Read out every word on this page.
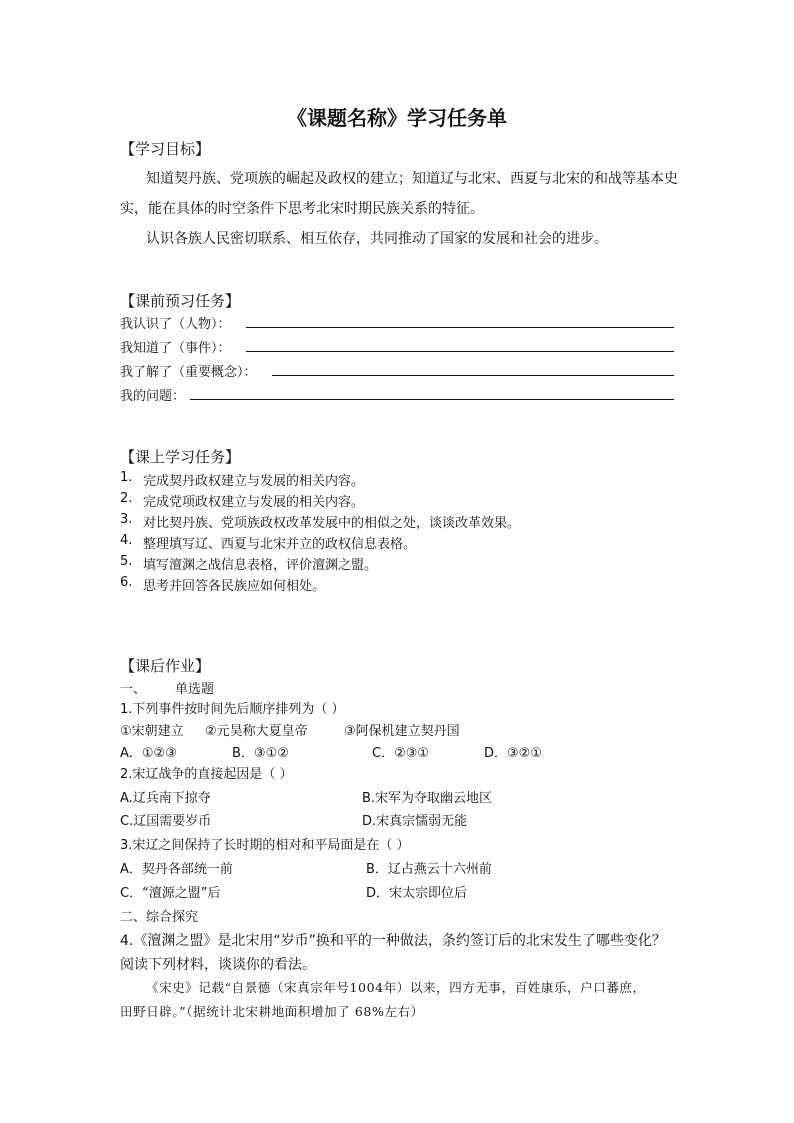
《课题名称》学习任务单
【学习目标】
知道契丹族、党项族的崛起及政权的建立；知道辽与北宋、西夏与北宋的和战等基本史
实，能在具体的时空条件下思考北宋时期民族关系的特征。
认识各族人民密切联系、相互依存，共同推动了国家的发展和社会的进步。
【课前预习任务】
我认识了（人物）：
我知道了（事件）：
我了解了（重要概念）：
我的问题：
【课上学习任务】
1. 完成契丹政权建立与发展的相关内容。
2. 完成党项政权建立与发展的相关内容。
3. 对比契丹族、党项族政权改革发展中的相似之处，谈谈改革效果。
4. 整理填写辽、西夏与北宋并立的政权信息表格。
5. 填写澶渊之战信息表格，评价澶渊之盟。
6. 思考并回答各民族应如何相处。
【课后作业】
一、 单选题
1.下列事件按时间先后顺序排列为（ ）
①宋朝建立 ②元昊称大夏皇帝	③阿保机建立契丹国
A．①②③	B．③①②	C．②③①	D．③②①
2.宋辽战争的直接起因是（ ）
A.辽兵南下掠夺	B.宋军为夺取幽云地区
C.辽国需要岁币	D.宋真宗懦弱无能
3.宋辽之间保持了长时期的相对和平局面是在（ ）
A．契丹各部统一前	B．辽占燕云十六州前
C．“澶源之盟”后	D．宋太宗即位后
二、综合探究
4.《澶渊之盟》是北宋用“岁币”换和平的一种做法，条约签订后的北宋发生了哪些变化？
阅读下列材料，谈谈你的看法。
《宋史》记载“自景德（宋真宗年号1004年）以来，四方无事，百姓康乐，户口蕃庶，
田野日辟。”（据统计北宋耕地面积增加了 68%左右）
